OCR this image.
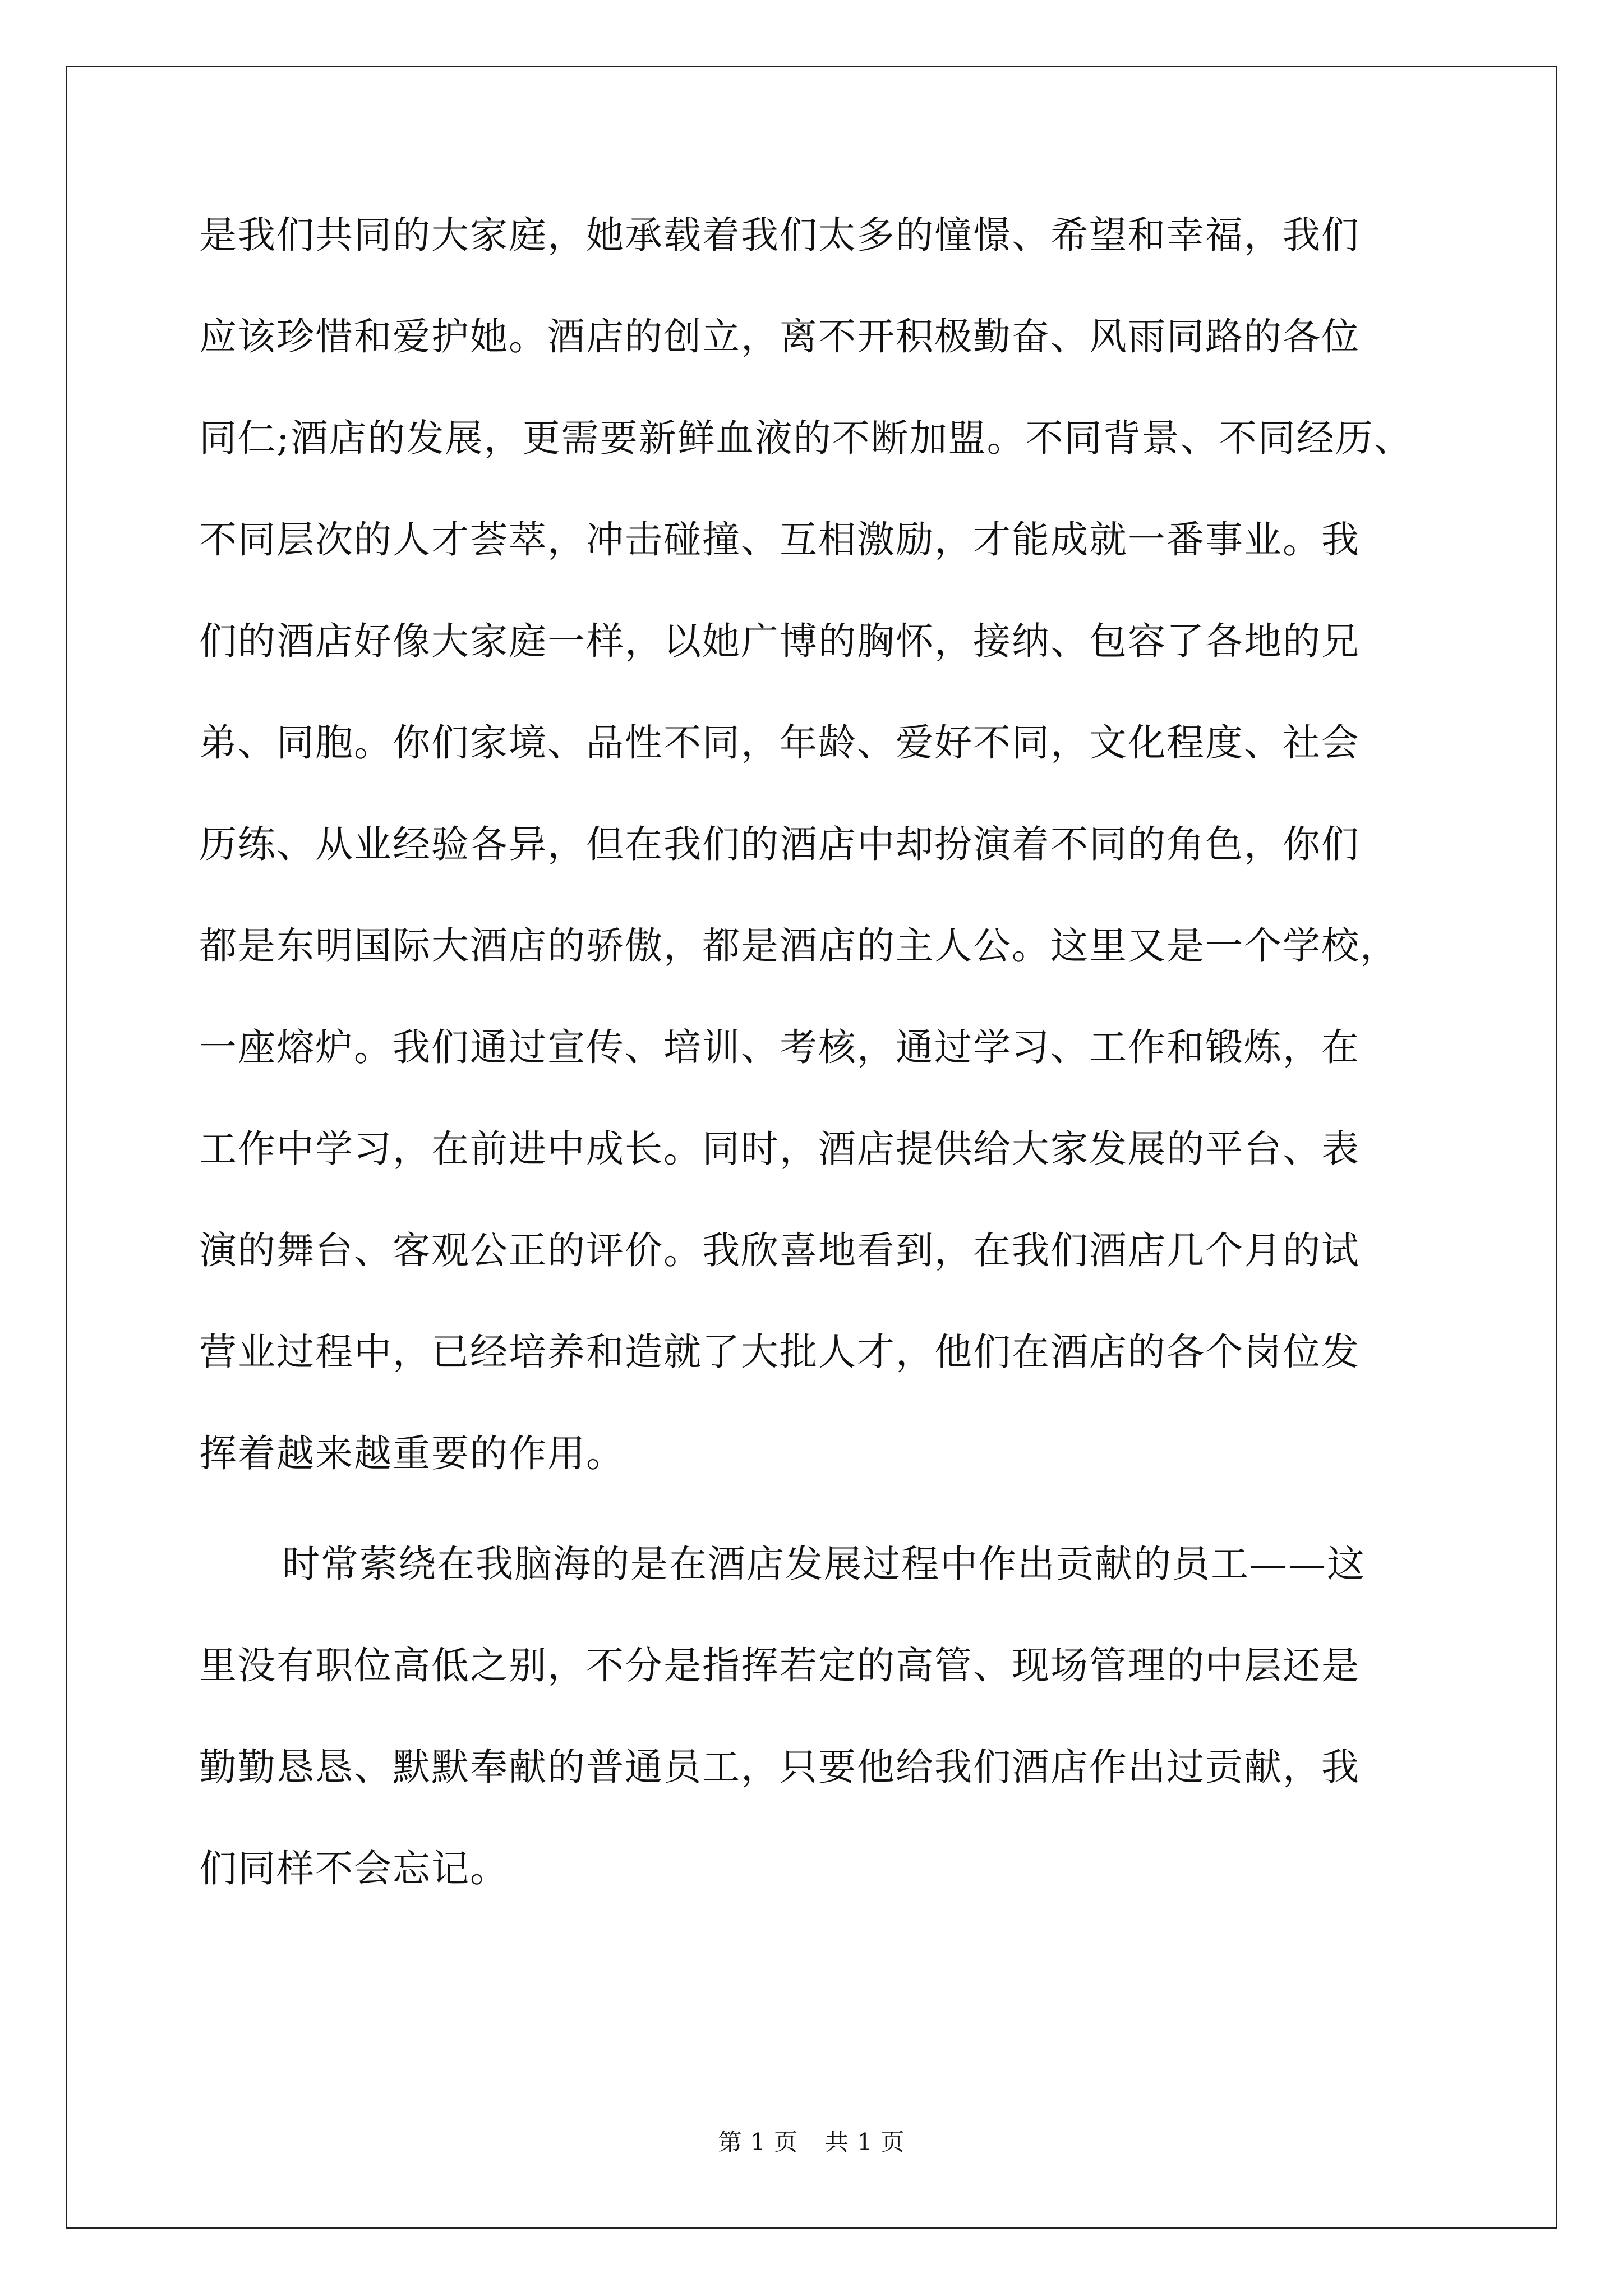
是我们共同的大家庭，她承载着我们太多的憧憬、希望和幸福，我们
应该珍惜和爱护她。酒店的创立，离不开积极勤奋、风雨同路的各位
同仁;酒店的发展，更需要新鲜血液的不断加盟。不同背景、不同经历、
不同层次的人才荟萃，冲击碰撞、互相激励，才能成就一番事业。我
们的酒店好像大家庭一样，以她广博的胸怀，接纳、包容了各地的兄
弟、同胞。你们家境、品性不同，年龄、爱好不同，文化程度、社会
历练、从业经验各异，但在我们的酒店中却扮演着不同的角色，你们
都是东明国际大酒店的骄傲，都是酒店的主人公。这里又是一个学校，
一座熔炉。我们通过宣传、培训、考核，通过学习、工作和锻炼，在
工作中学习，在前进中成长。同时，酒店提供给大家发展的平台、表
演的舞台、客观公正的评价。我欣喜地看到，在我们酒店几个月的试
营业过程中，已经培养和造就了大批人才，他们在酒店的各个岗位发
挥着越来越重要的作用。
时常萦绕在我脑海的是在酒店发展过程中作出贡献的员工——这
里没有职位高低之别，不分是指挥若定的高管、现场管理的中层还是
勤勤恳恳、默默奉献的普通员工，只要他给我们酒店作出过贡献，我
们同样不会忘记。
第 1 页 共 1 页
